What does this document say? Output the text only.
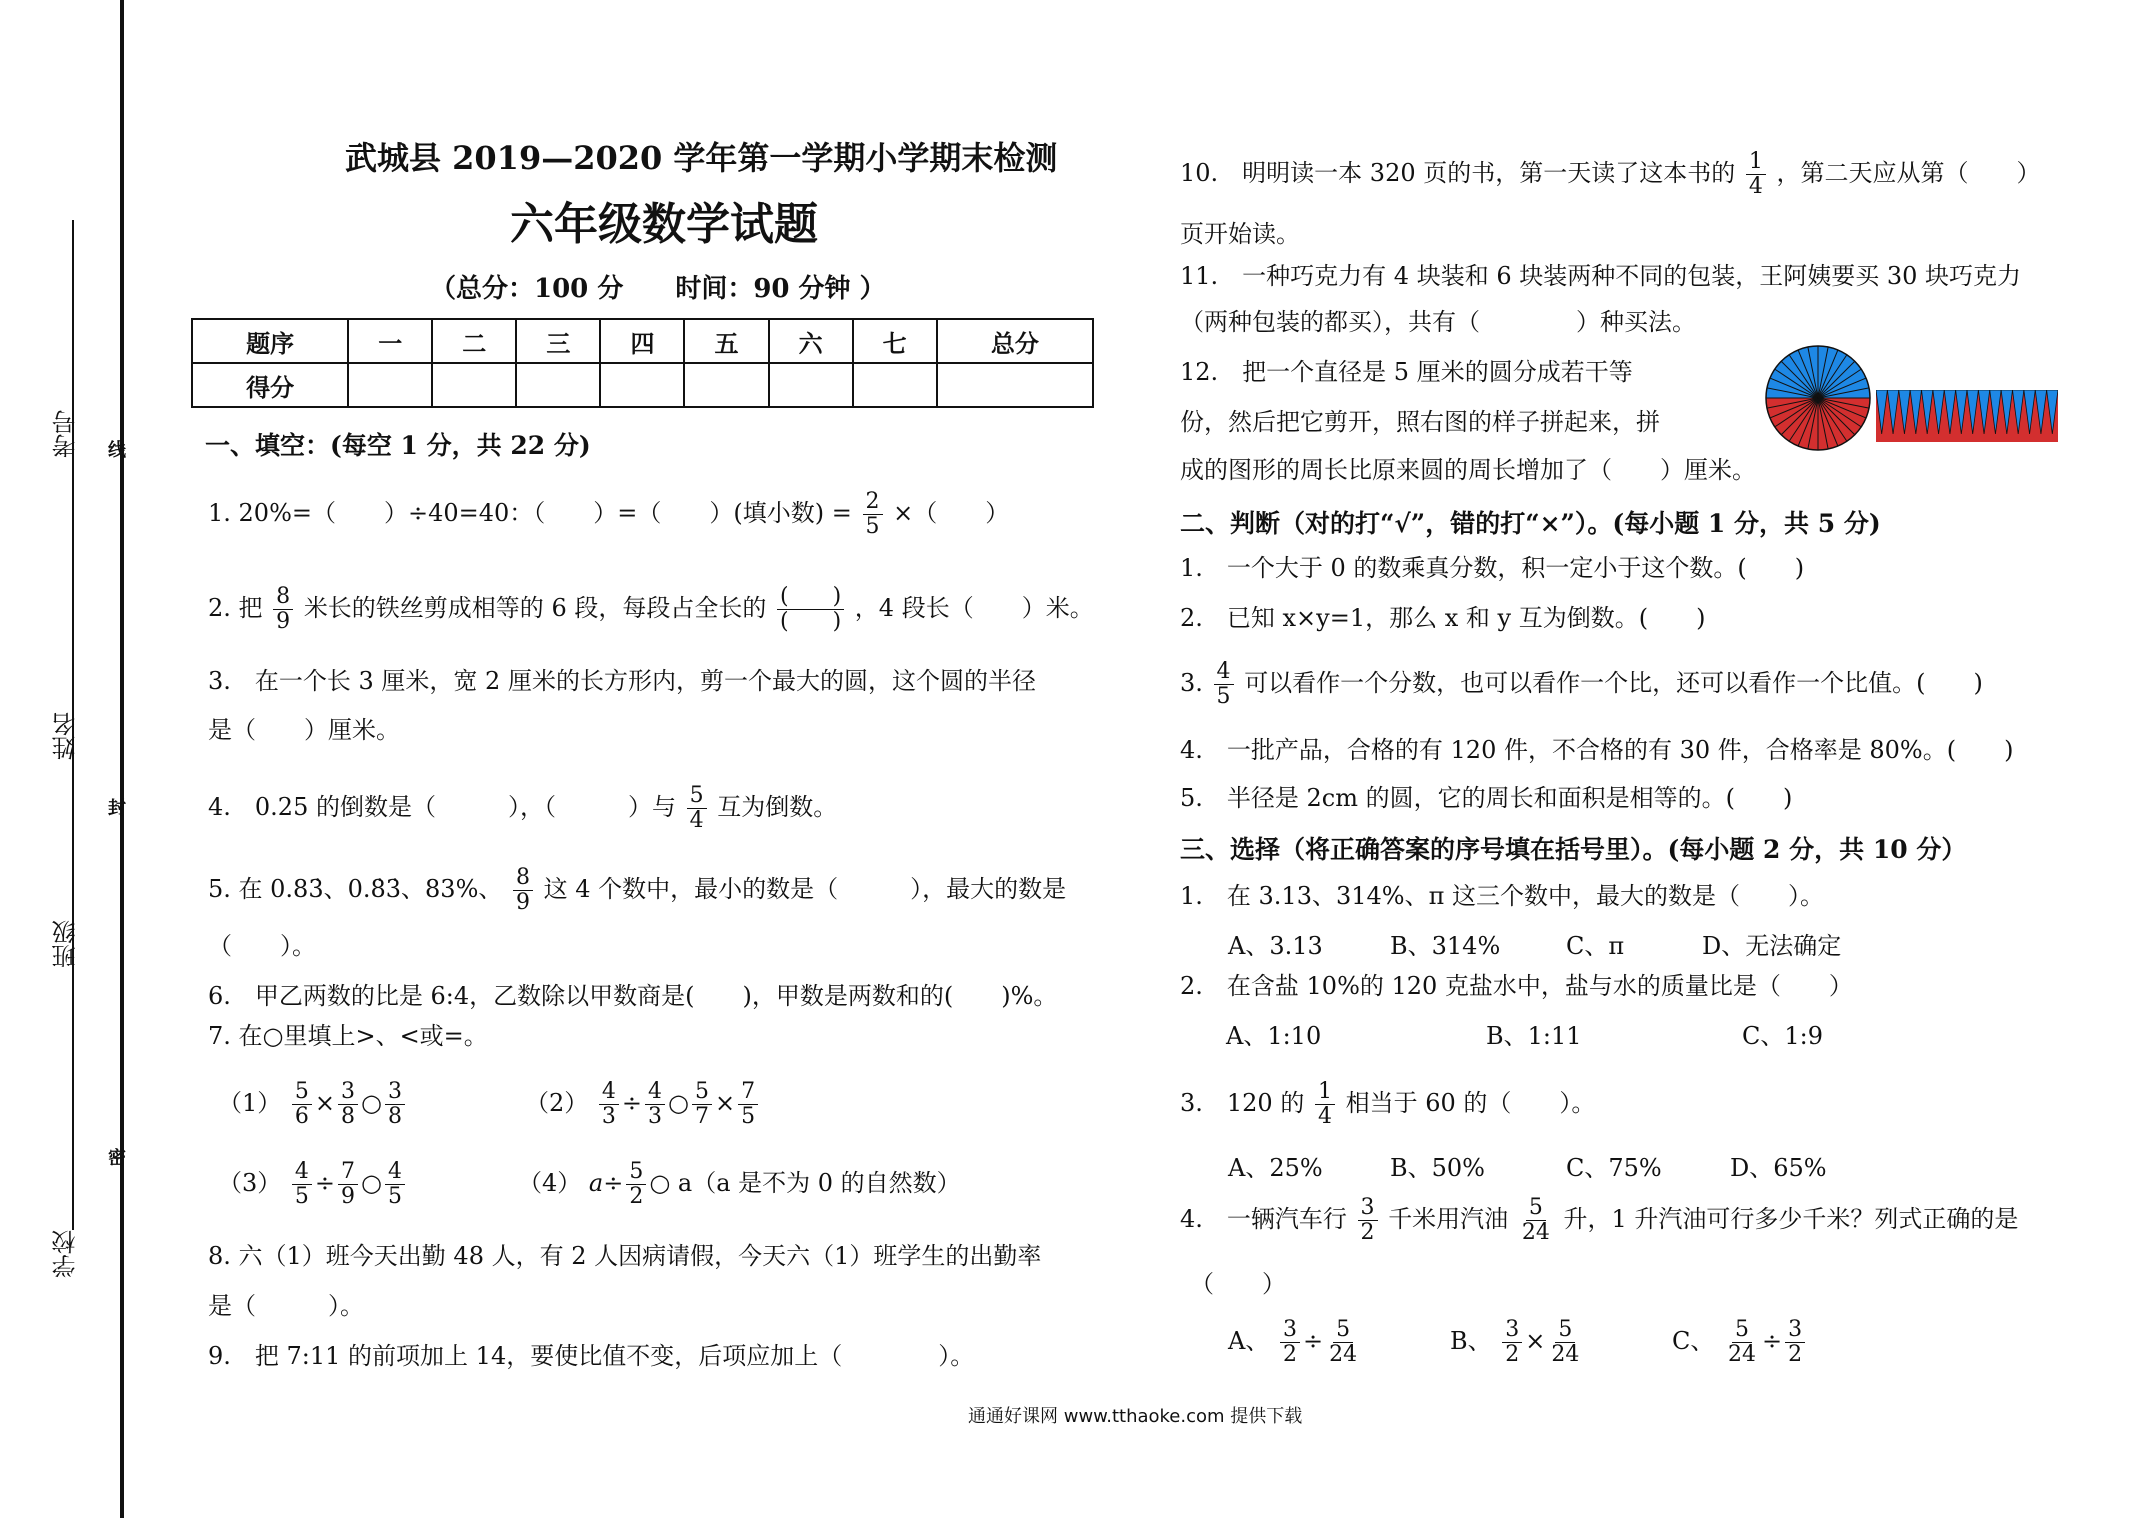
考号
姓名
班级
学校
线
封
密
武城县 2019—2020 学年第一学期小学期末检测
六年级数学试题
（总分：100 分　　时间：90 分钟 ）
题序	一	二	三	四	五	六	七	总分
得分								
一、填空：(每空 1 分，共 22 分)
1. 20%=（　　）÷40=40：（　　）=（　　）(填小数) = $\frac{2}{5}$ ×（　　）
2. 把 $\frac{8}{9}$ 米长的铁丝剪成相等的 6 段，每段占全长的 $\frac{( )}{( )}$ ，4 段长（　　）米。
3.　在一个长 3 厘米，宽 2 厘米的长方形内，剪一个最大的圆，这个圆的半径
是（　　）厘米。
4.　0.25 的倒数是（　　　），（　　　）与 $\frac{5}{4}$ 互为倒数。
5. 在 0.83̇、0.8̇3̇、83%、 $\frac{8}{9}$ 这 4 个数中，最小的数是（　　　），最大的数是
（　　）。
6.　甲乙两数的比是 6:4，乙数除以甲数商是(　　)，甲数是两数和的(　　)%。
7. 在○里填上>、<或=。
$(1) \frac{5}{6} \times \frac{3}{8}$ ○ $\frac{3}{8}$	$(2) \frac{4}{3} \div \frac{4}{3}$ ○ $\frac{5}{7} \times \frac{7}{5}$
$(3) \frac{4}{5} \div \frac{7}{9}$ ○ $\frac{4}{5}$	（4） $a\div \frac{5}{2}$ ○ a（a 是不为 0 的自然数）
8. 六（1）班今天出勤 48 人，有 2 人因病请假，今天六（1）班学生的出勤率
是（　　　）。
9.　把 7:11 的前项加上 14，要使比值不变，后项应加上（　　　　）。
10.　明明读一本 320 页的书，第一天读了这本书的 $\frac{1}{4}$ ，第二天应从第（　　）
页开始读。
11.　一种巧克力有 4 块装和 6 块装两种不同的包装，王阿姨要买 30 块巧克力
（两种包装的都买），共有（　　　　）种买法。
12.　把一个直径是 5 厘米的圆分成若干等
份，然后把它剪开，照右图的样子拼起来，拼
成的图形的周长比原来圆的周长增加了（　　）厘米。
二、判断（对的打“√”，错的打“×”）。(每小题 1 分，共 5 分)
1.　一个大于 0 的数乘真分数，积一定小于这个数。(　　)
2.　已知 x×y=1，那么 x 和 y 互为倒数。(　　)
3. $\frac{4}{5}$ 可以看作一个分数，也可以看作一个比，还可以看作一个比值。(　　)
4.　一批产品，合格的有 120 件，不合格的有 30 件，合格率是 80%。(　　)
5.　半径是 2cm 的圆，它的周长和面积是相等的。(　　)
三、选择（将正确答案的序号填在括号里）。(每小题 2 分，共 10 分）
1.　在 3.13、314%、π 这三个数中，最大的数是（　　）。
A、3.13	B、314%	C、π	D、无法确定
2.　在含盐 10%的 120 克盐水中，盐与水的质量比是（　　）
A、1:10	B、1:11	C、1:9
3.　120 的 $\frac{1}{4}$ 相当于 60 的（　　）。
A、25%	B、50%	C、75%	D、65%
4.　一辆汽车行 $\frac{3}{2}$ 千米用汽油 $\frac{5}{24}$ 升，1 升汽油可行多少千米？列式正确的是
（　　）
A、 $\frac{3}{2} \div \frac{5}{24}$	B、 $\frac{3}{2} \times \frac{5}{24}$	C、 $\frac{5}{24} \div \frac{3}{2}$
通通好课网 www.tthaoke.com 提供下载
